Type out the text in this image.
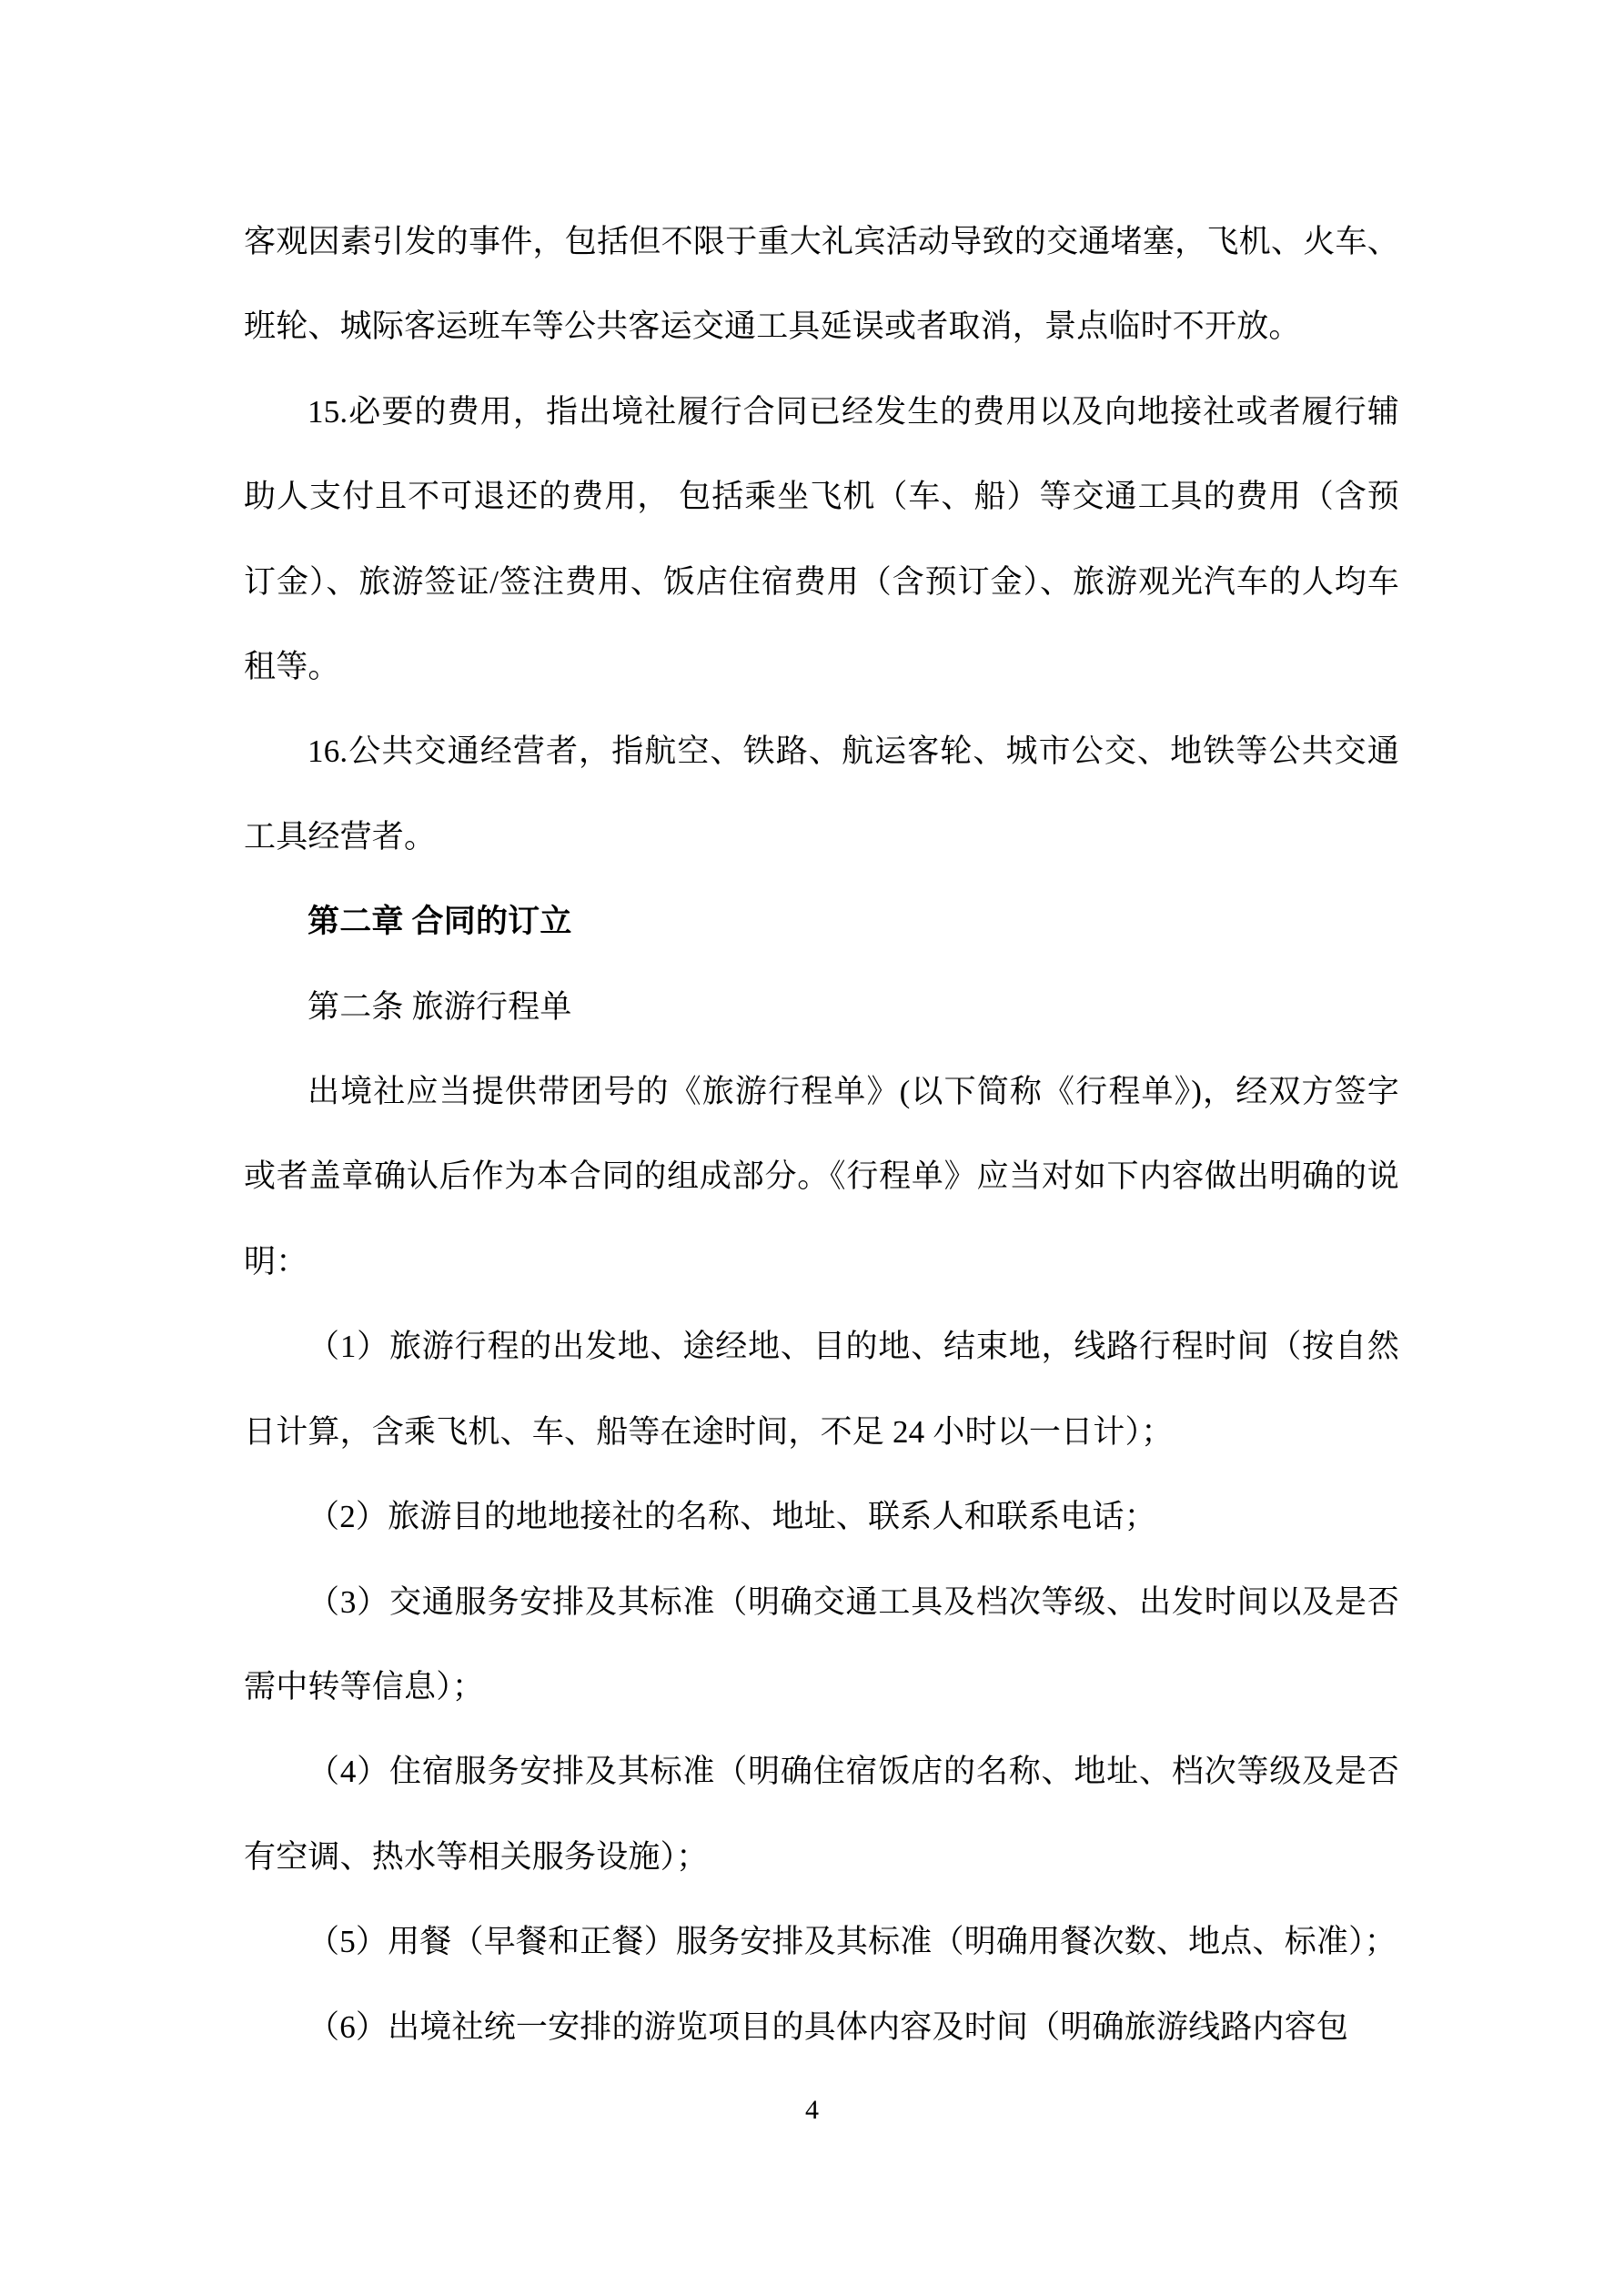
客观因素引发的事件，包括但不限于重大礼宾活动导致的交通堵塞，飞机、火车、班轮、城际客运班车等公共客运交通工具延误或者取消，景点临时不开放。

15.必要的费用，指出境社履行合同已经发生的费用以及向地接社或者履行辅助人支付且不可退还的费用， 包括乘坐飞机（车、船）等交通工具的费用（含预订金）、旅游签证/签注费用、饭店住宿费用（含预订金）、旅游观光汽车的人均车租等。

16.公共交通经营者，指航空、铁路、航运客轮、城市公交、地铁等公共交通工具经营者。

第二章 合同的订立

第二条 旅游行程单

出境社应当提供带团号的《旅游行程单》(以下简称《行程单》)，经双方签字或者盖章确认后作为本合同的组成部分。《行程单》应当对如下内容做出明确的说明：

（1）旅游行程的出发地、途经地、目的地、结束地，线路行程时间（按自然日计算，含乘飞机、车、船等在途时间，不足 24 小时以一日计）；

（2）旅游目的地地接社的名称、地址、联系人和联系电话；

（3）交通服务安排及其标准（明确交通工具及档次等级、出发时间以及是否需中转等信息）；

（4）住宿服务安排及其标准（明确住宿饭店的名称、地址、档次等级及是否有空调、热水等相关服务设施）；

（5）用餐（早餐和正餐）服务安排及其标准（明确用餐次数、地点、标准）；

（6）出境社统一安排的游览项目的具体内容及时间（明确旅游线路内容包

4
